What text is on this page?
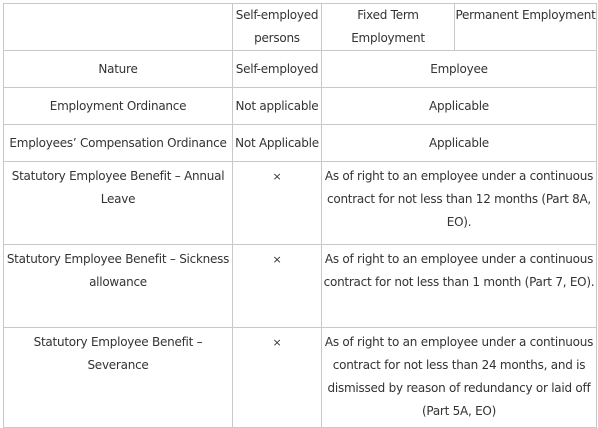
	Self-employed persons	Fixed Term Employment	Permanent Employment
Nature	Self-employed	Employee	
Employment Ordinance	Not applicable	Applicable	
Employees’ Compensation Ordinance	Not Applicable	Applicable	
Statutory Employee Benefit – Annual Leave	×	As of right to an employee under a continuous contract for not less than 12 months (Part 8A, EO).	
Statutory Employee Benefit – Sickness allowance	×	As of right to an employee under a continuous contract for not less than 1 month (Part 7, EO).	
Statutory Employee Benefit – Severance	×	As of right to an employee under a continuous contract for not less than 24 months, and is dismissed by reason of redundancy or laid off (Part 5A, EO)	
